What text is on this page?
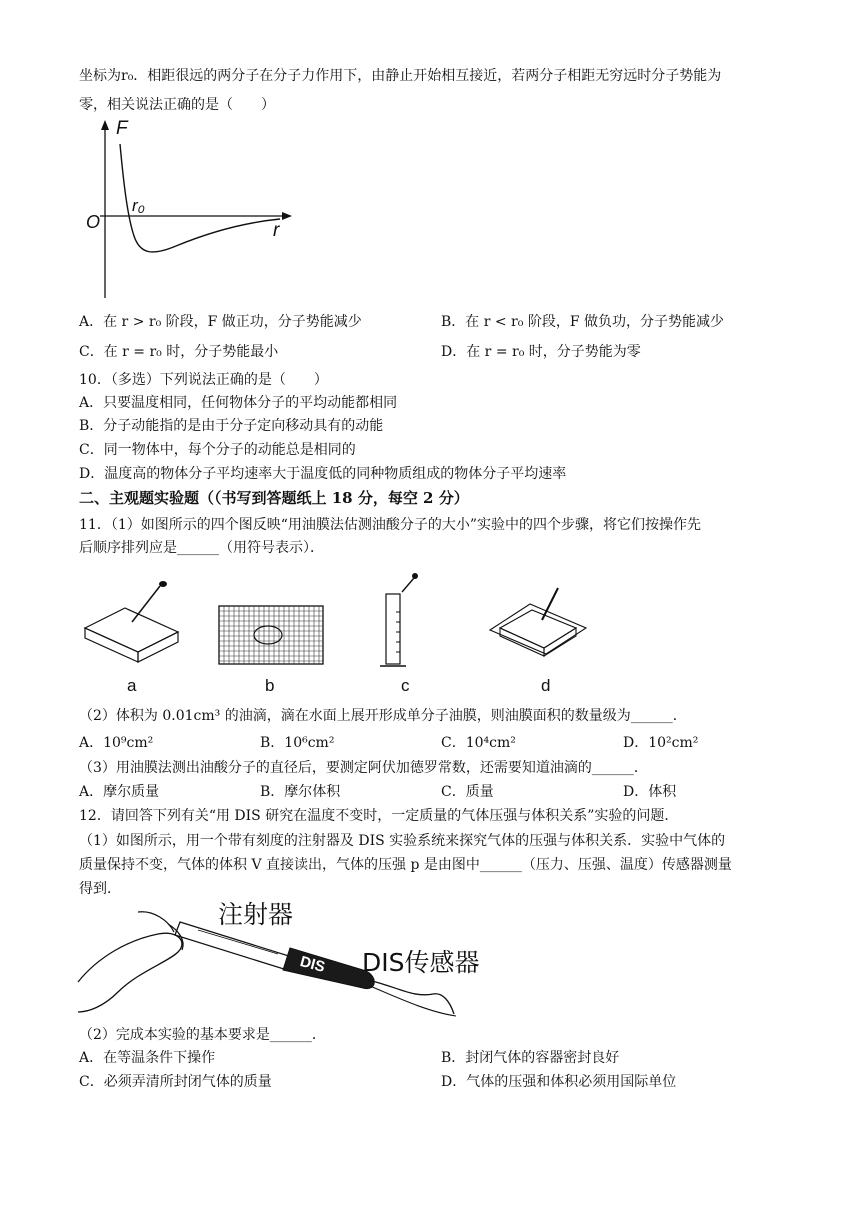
坐标为r₀．相距很远的两分子在分子力作用下，由静止开始相互接近，若两分子相距无穷远时分子势能为
零，相关说法正确的是（　　）
F
r
O
r₀
A．在 r > r₀ 阶段，F 做正功，分子势能减少	B．在 r < r₀ 阶段，F 做负功，分子势能减少
C．在 r = r₀ 时，分子势能最小	D．在 r = r₀ 时，分子势能为零
10．（多选）下列说法正确的是（　　）
A．只要温度相同，任何物体分子的平均动能都相同
B．分子动能指的是由于分子定向移动具有的动能
C．同一物体中，每个分子的动能总是相同的
D．温度高的物体分子平均速率大于温度低的同种物质组成的物体分子平均速率
二、主观题实验题（（书写到答题纸上 18 分，每空 2 分）
11．（1）如图所示的四个图反映“用油膜法估测油酸分子的大小”实验中的四个步骤，将它们按操作先
后顺序排列应是______（用符号表示）．
a	b	c	d
（2）体积为 0.01cm³ 的油滴，滴在水面上展开形成单分子油膜，则油膜面积的数量级为______．
A．10⁹cm²	B．10⁶cm²	C．10⁴cm²	D．10²cm²
（3）用油膜法测出油酸分子的直径后，要测定阿伏加德罗常数，还需要知道油滴的______．
A．摩尔质量	B．摩尔体积	C．质量	D．体积
12．请回答下列有关“用 DIS 研究在温度不变时，一定质量的气体压强与体积关系”实验的问题．
（1）如图所示，用一个带有刻度的注射器及 DIS 实验系统来探究气体的压强与体积关系．实验中气体的
质量保持不变，气体的体积 V 直接读出，气体的压强 p 是由图中______（压力、压强、温度）传感器测量
得到．
注射器
DIS传感器
DIS
（2）完成本实验的基本要求是______．
A．在等温条件下操作	B．封闭气体的容器密封良好
C．必须弄清所封闭气体的质量	D．气体的压强和体积必须用国际单位
